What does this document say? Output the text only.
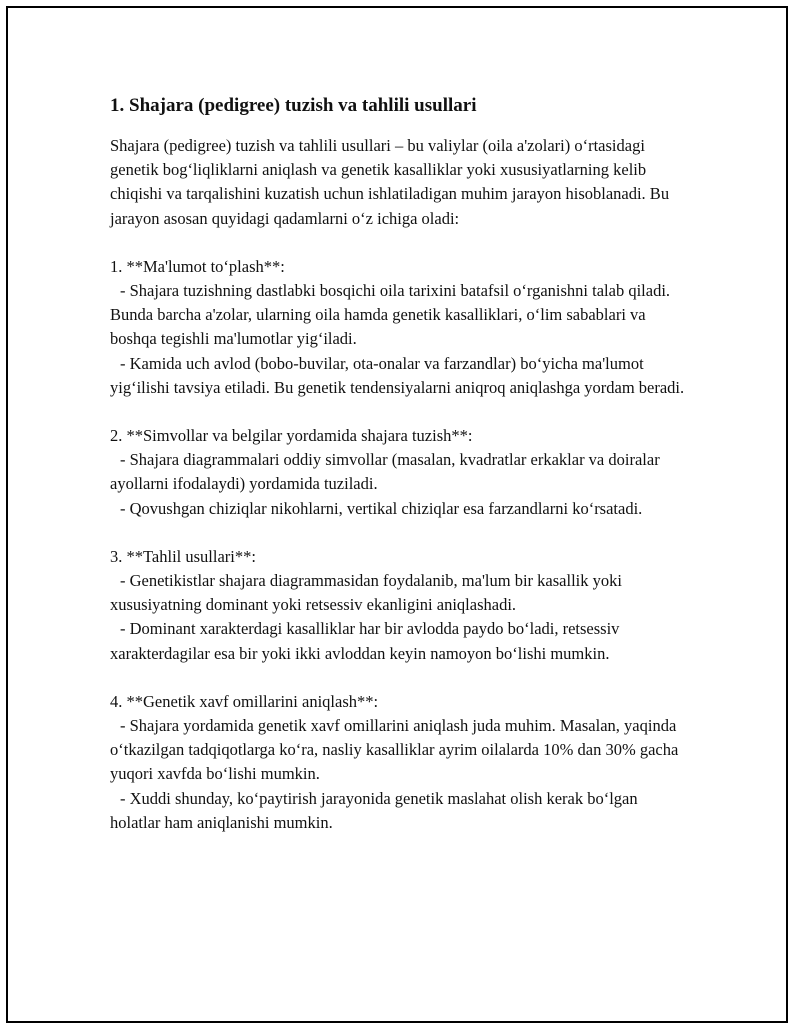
1. Shajara (pedigree) tuzish va tahlili usullari

Shajara (pedigree) tuzish va tahlili usullari – bu valiylar (oila a'zolari) o‘rtasidagi genetik bog‘liqliklarni aniqlash va genetik kasalliklar yoki xususiyatlarning kelib chiqishi va tarqalishini kuzatish uchun ishlatiladigan muhim jarayon hisoblanadi. Bu jarayon asosan quyidagi qadamlarni o‘z ichiga oladi:

1. **Ma'lumot to‘plash**:

- Shajara tuzishning dastlabki bosqichi oila tarixini batafsil o‘rganishni talab qiladi. Bunda barcha a'zolar, ularning oila hamda genetik kasalliklari, o‘lim sabablari va boshqa tegishli ma'lumotlar yig‘iladi.

- Kamida uch avlod (bobo-buvilar, ota-onalar va farzandlar) bo‘yicha ma'lumot yig‘ilishi tavsiya etiladi. Bu genetik tendensiyalarni aniqroq aniqlashga yordam beradi.

2. **Simvollar va belgilar yordamida shajara tuzish**:

- Shajara diagrammalari oddiy simvollar (masalan, kvadratlar erkaklar va doiralar ayollarni ifodalaydi) yordamida tuziladi.

- Qovushgan chiziqlar nikohlarni, vertikal chiziqlar esa farzandlarni ko‘rsatadi.

3. **Tahlil usullari**:

- Genetikistlar shajara diagrammasidan foydalanib, ma'lum bir kasallik yoki xususiyatning dominant yoki retsessiv ekanligini aniqlashadi.

- Dominant xarakterdagi kasalliklar har bir avlodda paydo bo‘ladi, retsessiv xarakterdagilar esa bir yoki ikki avloddan keyin namoyon bo‘lishi mumkin.

4. **Genetik xavf omillarini aniqlash**:

- Shajara yordamida genetik xavf omillarini aniqlash juda muhim. Masalan, yaqinda o‘tkazilgan tadqiqotlarga ko‘ra, nasliy kasalliklar ayrim oilalarda 10% dan 30% gacha yuqori xavfda bo‘lishi mumkin.

- Xuddi shunday, ko‘paytirish jarayonida genetik maslahat olish kerak bo‘lgan holatlar ham aniqlanishi mumkin.
